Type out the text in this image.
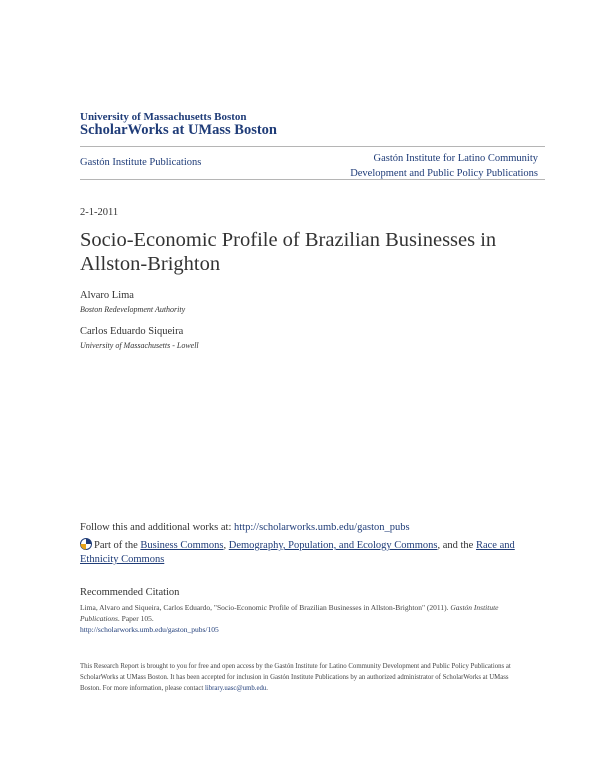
University of Massachusetts Boston
ScholarWorks at UMass Boston
Gastón Institute Publications	Gastón Institute for Latino Community
Development and Public Policy Publications
2-1-2011
Socio-Economic Profile of Brazilian Businesses in
Allston-Brighton
Alvaro Lima
Boston Redevelopment Authority
Carlos Eduardo Siqueira
University of Massachusetts - Lowell
Follow this and additional works at: http://scholarworks.umb.edu/gaston_pubs
Part of the Business Commons, Demography, Population, and Ecology Commons, and the Race and Ethnicity Commons
Recommended Citation
Lima, Alvaro and Siqueira, Carlos Eduardo, "Socio-Economic Profile of Brazilian Businesses in Allston-Brighton" (2011). Gastón Institute Publications. Paper 105.
http://scholarworks.umb.edu/gaston_pubs/105
This Research Report is brought to you for free and open access by the Gastón Institute for Latino Community Development and Public Policy Publications at ScholarWorks at UMass Boston. It has been accepted for inclusion in Gastón Institute Publications by an authorized administrator of ScholarWorks at UMass Boston. For more information, please contact library.uasc@umb.edu.
